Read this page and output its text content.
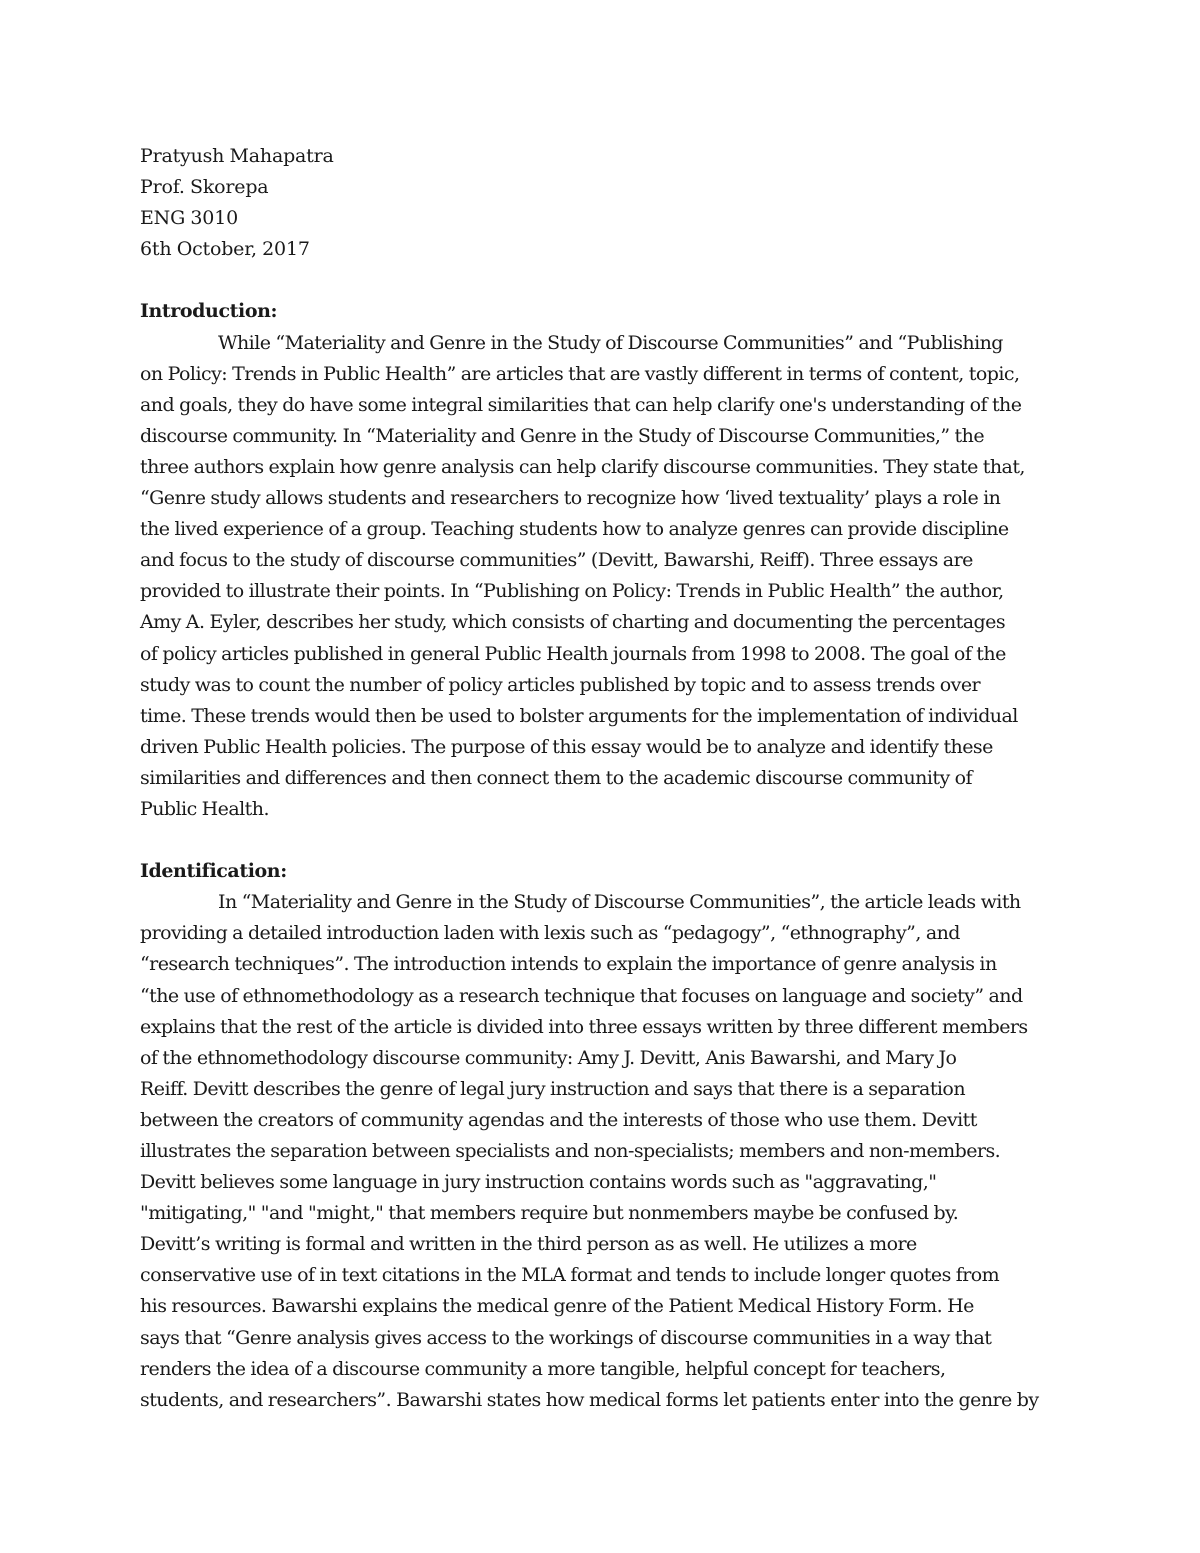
Pratyush Mahapatra
Prof. Skorepa
ENG 3010
6th October, 2017
Introduction:
While “Materiality and Genre in the Study of Discourse Communities” and “Publishing
on Policy: Trends in Public Health” are articles that are vastly different in terms of content, topic,
and goals, they do have some integral similarities that can help clarify one's understanding of the
discourse community. In “Materiality and Genre in the Study of Discourse Communities,” the
three authors explain how genre analysis can help clarify discourse communities. They state that,
“Genre study allows students and researchers to recognize how ‘lived textuality’ plays a role in
the lived experience of a group. Teaching students how to analyze genres can provide discipline
and focus to the study of discourse communities” (Devitt, Bawarshi, Reiff). Three essays are
provided to illustrate their points. In “Publishing on Policy: Trends in Public Health” the author,
Amy A. Eyler, describes her study, which consists of charting and documenting the percentages
of policy articles published in general Public Health journals from 1998 to 2008. The goal of the
study was to count the number of policy articles published by topic and to assess trends over
time. These trends would then be used to bolster arguments for the implementation of individual
driven Public Health policies. The purpose of this essay would be to analyze and identify these
similarities and differences and then connect them to the academic discourse community of
Public Health.
Identification:
In “Materiality and Genre in the Study of Discourse Communities”, the article leads with
providing a detailed introduction laden with lexis such as “pedagogy”, “ethnography”, and
“research techniques”. The introduction intends to explain the importance of genre analysis in
“the use of ethnomethodology as a research technique that focuses on language and society” and
explains that the rest of the article is divided into three essays written by three different members
of the ethnomethodology discourse community: Amy J. Devitt, Anis Bawarshi, and Mary Jo
Reiff. Devitt describes the genre of legal jury instruction and says that there is a separation
between the creators of community agendas and the interests of those who use them. Devitt
illustrates the separation between specialists and non-specialists; members and non-members.
Devitt believes some language in jury instruction contains words such as "aggravating,"
"mitigating," "and "might," that members require but nonmembers maybe be confused by.
Devitt’s writing is formal and written in the third person as as well. He utilizes a more
conservative use of in text citations in the MLA format and tends to include longer quotes from
his resources. Bawarshi explains the medical genre of the Patient Medical History Form. He
says that “Genre analysis gives access to the workings of discourse communities in a way that
renders the idea of a discourse community a more tangible, helpful concept for teachers,
students, and researchers”. Bawarshi states how medical forms let patients enter into the genre by
